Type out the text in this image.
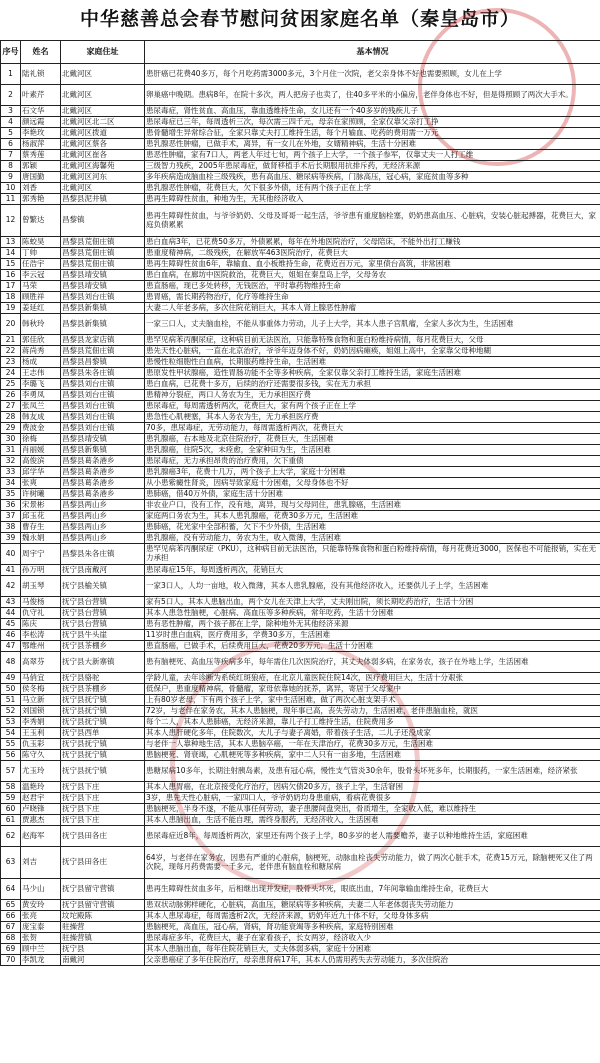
中华慈善总会春节慰问贫困家庭名单（秦皇岛市）
序号	姓名	家庭住址	基本情况
1	陆礼锁	北戴河区	患肝癌已花费40多万，每个月吃药需3000多元，3个月住一次院，老父亲身体不好也需要照顾，女儿在上学
2	叶素芹	北戴河区	卵巢癌中晚期。患病8年，在院十多次，两人把房子也卖了，住40多平米的小偏房，老伴身体也不好，但是得照顾了两次大手术。
3	石文华	北戴河区	患尿毒症，肾性贫血、高血压，靠血透维持生命，女儿还有一个40多岁的残疾儿子
4	颜远霞	北戴河区北二区	患尿毒症已三年，每周透析三次，每次需三四千元，母亲在家照顾，全家仅靠父亲打工挣
5	李艳玫	北戴河区拨道	患骨髓增生异常综合征，全家只靠丈夫打工维持生活，每个月输血、吃药的费用需一万元
6	杨淑萍	北戴河区蔡各	患乳腺恶性肿瘤，已做手术，离异，有一女儿在外地，女婿精神病，生活十分困难
7	蔡秀莲	北戴河区崔各	患恶性肿瘤，家有7口人，两老人年过七旬，两个孩子上大学，一个孩子参军，仅靠丈夫一人打工维
8	郭颖	北戴河区海馨苑	三级智力残疾，2005年患尿毒症，做肾移植手术后长期服用抗排斥药，无经济来源
9	唐国勤	北戴河区河东	多年疾病造成脑血栓三级残疾，患有高血压、糖尿病等疾病，门脉高压，冠心病，家庭贫血等多种
10	刘香	北戴河区	患乳腺恶性肿瘤，花费巨大，欠下很多外债，还有两个孩子正在上学
11	郭秀艳	昌黎县泥井镇	患再生障碍性贫血，种地为生，无其他经济收入
12	曾繁达	昌黎镇	患再生障碍性贫血，与爷爷奶奶、父母及哥哥一起生活，爷爷患有重度脑栓塞，奶奶患高血压、心脏病，安装心脏起搏器，花费巨大，家庭负债累累
13	陈蛟昊	昌黎县荒佃庄镇	患白血病3年，已花费50多万，外债累累，每年在外地医院治疗，父母陪床，不能外出打工赚钱
14	丁帅	昌黎县荒佃庄镇	患重度精神病，二级残疾，在解放军463医院治疗，花费巨大
15	任浩宇	昌黎县荒佃庄镇	患再生障碍性贫血6年，靠输血、血小板维持生命，花费近百万元，家里债台高筑，非常困难
16	李云冠	昌黎县靖安镇	患白血病，在廊坊中医院救治，花费巨大，姐姐在秦皇岛上学，父母务农
17	马荣	昌黎县靖安镇	患直肠癌，现已多处转移，无钱医治，平时靠药物维持生命
18	顾胜祥	昌黎县刘台庄镇	患胃癌，需长期药物治疗，化疗等维持生命
19	姜延红	昌黎县新集镇	大妻二人年老多病，多次住院花销巨大，其本人肾上腺恶性肿瘤
20	韩秋玲	昌黎县新集镇	一家三口人，丈夫脑血栓，不能从事重体力劳动，儿子上大学，其本人患子宫肌瘤，全家人多次为生，生活困难
21	郭佳欣	昌黎县龙家店镇	患罕见病苯丙酮尿症，这种病目前无法医治，只能靠特殊食物和蛋白粉维持病情，每月花费巨大，父母
22	蒋尚秀	昌黎县荒佃庄镇	患先天性心脏病，一直在北京治疗，爷爷年迈身体不好，奶奶因病瘫痪，姐姐上高中，全家靠父母种地糊
23	杨成	昌黎县昌黎镇	患慢性粒细胞性白血病，长期服药维持生命，生活困难
24	王志伟	昌黎县朱各庄镇	患原发性甲状腺癌，造性胃肠功能不全等多种疾病，全家仅靠父亲打工维持生活，家庭生活困难
25	李璐飞	昌黎县刘台庄镇	患白血病，已花费十多万，后续的治疗还需要很多钱，实在无力承担
26	李勇凤	昌黎县刘台庄镇	患精神分裂症，两口人务农为生，无力承担医疗费
27	张凤兰	昌黎县刘台庄镇	患尿毒症，每周需透析两次，花费巨大，家有两个孩子正在上学
28	韩友成	昌黎县刘台庄镇	患急性心肌梗塞，其本人务农为生，无力承担医疗费
29	费波金	昌黎县刘台庄镇	70多，患尿毒症，无劳动能力，每周需透析两次，花费巨大
30	徐梅	昌黎县靖安镇	患乳腺癌，右本地及北京住院治疗，花费巨大，生活困难
31	肖丽媛	昌黎县新集镇	患乳腺癌，住院5次，未痊愈，全家种田为生，生活困难
32	高俊滨	昌黎县葛条港乡	患尿毒症，无力承担昂贵的治疗费用，欠下重债
33	邱学华	昌黎县葛条港乡	患乳腺癌3年，花费十几万，两个孩子上大学，家庭十分困难
34	张爽	昌黎县葛条港乡	从小患紫癜性肾炎，因病导致家庭十分困难，父母身体也不好
35	许树曦	昌黎县葛条港乡	患肺癌，借40万外债，家庭生活十分困难
36	宋景彬	昌黎县两山乡	非农业户口，没有工作，没有地，离异，现与父母同住，患乳腺癌，生活困难
37	邱玉花	昌黎县两山乡	家庭两口务农为生，其本人患乳腺癌，花费30多万元，生活困难
38	曹存生	昌黎县两山乡	患肺癌，花光家中全部积蓄，欠下不少外债，生活困难
39	魏永娟	昌黎县两山乡	患乳腺癌，没有劳动能力，务农为生，收入微薄，生活困难
40	周宇宁	昌黎县朱各庄镇	患罕见病苯丙酮尿症（PKU），这种病目前无法医治，只能靠特殊食物和蛋白粉维持病情，每月花费近3000，医保也不可能报销，实在无力承担
41	孙万明	抚宁县南戴河	患尿毒症15年，每周透析两次，花销巨大
42	胡玉琴	抚宁县榆关镇	一家3口人，人均一亩地，收入微薄，其本人患乳腺癌，没有其他经济收入，还要供儿子上学，生活困难
43	马俊杨	抚宁县台营镇	家有5口人，其本人患脑出血，两个女儿在天津上大学，丈夫刚出院，须长期吃药治疗，生活十分困
44	仇守礼	抚宁县台营镇	其本人患急性脑梗，心脏病、高血压等多种疾病，常年吃药，生活十分困难
45	陈庆	抚宁县台营镇	患有恶性肿瘤，两个孩子都在上学，除种地外无其他经济来源
46	李松涛	抚宁县牛头崖	11岁时患白血病，医疗费用多，学费30多万，生活困难
47	鄂维州	抚宁县茶棚乡	患直肠癌，已做手术，后续费用巨大，花费20多万元，生活十分困难
48	高翠芬	抚宁县大新寨镇	患有脑梗死、高血压等疾病多年，每年需住几次医院治疗，其丈夫体弱多病，在家务农，孩子在外地上学，生活困难
49	马俏宜	抚宁县骆驼	学龄儿童，去年诊断为系统红斑狼疮，在北京儿童医院住院14次，医疗费用巨大，生活十分艰张
50	侯冬梅	抚宁县茶棚乡	低保户，患重度精神病，骨髓瘤，家母依靠她的抚养，离异，寄居于父母家中
51	马立新	抚宁县抚宁镇	上有80岁老母，下有两个孩子上学，家中生活困难，做了两次心脏支架手术
52	刘国锁	抚宁县抚宁镇	72岁，与老伴在家务农，其本人患脑梗，现年事已高，丧失劳动力，生活困难，老伴患脑血栓，就医
53	李秀娟	抚宁县抚宁镇	每个二人，其本人患肺癌，无经济来源，靠儿子打工维持生活，住院费用多
54	王玉利	抚宁县西单	其本人患肝硬化多年，住院数次，大儿子与妻子离婚，带着孩子生活，二儿子还没成家
55	仇玉彩	抚宁县抚宁镇	与老伴一人靠种地生活，其本人患脑卒癌，一年在天津治疗，花费30多万元，生活困难
56	陈守久	抚宁县抚宁镇	患脑梗死、肾衰竭，心肌梗死等多种疾病，家中二人只有一亩多地，生活困难
57	尤玉玲	抚宁县抚宁镇	患糖尿病10多年，长期注射胰岛素，及患有冠心病，慢性支气管炎30余年，股骨头坏死多年，长期服药，一家生活困难，经济紧张
58	温艳玲	抚宁县下庄	其本人患胃癌，在北京接受化疗治疗，因病欠债20多万，孩子上学，生活窘困
59	赵君宇	抚宁县下庄	3岁，患先天性心脏病，一家四口人，爷爷奶奶均身患重病，看病花费很多
60	卢晓锋	抚宁县下庄	患脑梗死，半身不遂，不能从事任何劳动，妻子患腰间盘突出，骨质增生，全家收入低，难以维持生
61	贾惠杰	抚宁县下庄	其本人患脑出血，生活不能自理，需终身服药，无经济收入，生活困难
62	赵海军	抚宁县田各庄	患尿毒症近8年，每周透析两次，家里还有两个孩子上学，80多岁的老人需要赡养，妻子以种地维持生活，家庭困难
63	刘吉	抚宁县田各庄	64岁，与老伴在家务农，因患有严重的心脏病，脑梗死，动脉血栓丧失劳动能力，做了两次心脏手术，花费15万元，除脑梗死又住了两次院，现每月药费需要一千多元，老伴患有脑血栓和糖尿病
64	马少山	抚宁县留守营镇	患再生障碍性贫血多年，后相继出现并发症，股骨头坏死，眼底出血，7年间靠输血维持生命，花费巨大
65	黄安玲	抚宁县留守营镇	患双状动脉粥样硬化，心脏病，高血压，糖尿病等多种疾病，夫妻二人年老体弱丧失劳动能力
66	张亮	坟坨殿陈	其本人患尿毒症，每周需透析2次，无经济来源，奶奶年近九十体不好，父母身体多病
67	庞宝泰	驻操营	患脑梗死，高血压，冠心病，肾病，肾功能衰竭等多种疾病，家庭特别困难
68	张贺	驻操营镇	患尿毒症多年，花费巨大，妻子在家看孩子，长女两岁，经济收入少
69	顾中兰	抚宁县	其本人患脑出血，每年住院花销巨大，丈夫体弱多病，家庭十分困难
70	李凯龙	南戴河	父亲患癌症了多年住院治疗，母亲患肾病17年，其本人仍需用药失去劳动能力，多次住院治
